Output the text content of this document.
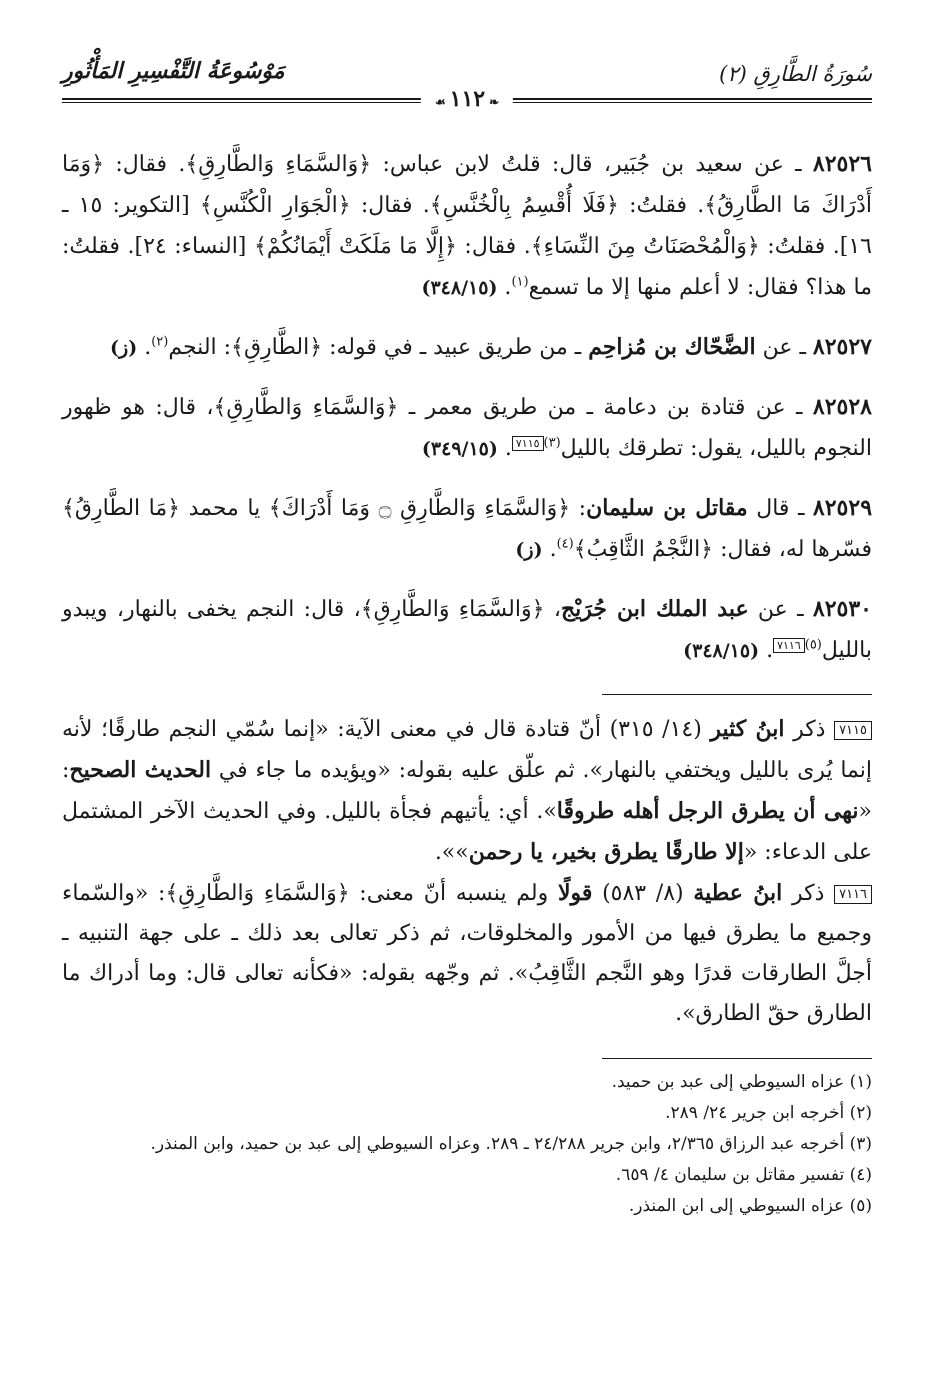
سُورَةُ الطَّارِقِ (٢)
❧١١٢☙
مَوْسُوعَةُ التَّفْسِيرِ المَأْثُورِ

٨٢٥٢٦ ـ عن سعيد بن جُبَير، قال: قلتُ لابن عباس: ﴿وَالسَّمَاءِ وَالطَّارِقِ﴾. فقال: ﴿وَمَا أَدْرَاكَ مَا الطَّارِقُ﴾. فقلتُ: ﴿فَلَا أُقْسِمُ بِالْخُنَّسِ﴾. فقال: ﴿الْجَوَارِ الْكُنَّسِ﴾ [التكوير: ١٥ ـ ١٦]. فقلتُ: ﴿وَالْمُحْصَنَاتُ مِنَ النِّسَاءِ﴾. فقال: ﴿إِلَّا مَا مَلَكَتْ أَيْمَانُكُمْ﴾ [النساء: ٢٤]. فقلتُ: ما هذا؟ فقال: لا أعلم منها إلا ما تسمع$^{(١)}$. (٣٤٨/١٥)

٨٢٥٢٧ ـ عن الضَّحّاك بن مُزاحِم ـ من طريق عبيد ـ في قوله: ﴿الطَّارِقِ﴾: النجم$^{(٢)}$. (ز)

٨٢٥٢٨ ـ عن قتادة بن دعامة ـ من طريق معمر ـ ﴿وَالسَّمَاءِ وَالطَّارِقِ﴾، قال: هو ظهور النجوم بالليل، يقول: تطرقك بالليل$^{(٣)}$٧١١٥. (٣٤٩/١٥)

٨٢٥٢٩ ـ قال مقاتل بن سليمان: ﴿وَالسَّمَاءِ وَالطَّارِقِ ۝ وَمَا أَدْرَاكَ﴾ يا محمد ﴿مَا الطَّارِقُ﴾ فسّرها له، فقال: ﴿النَّجْمُ الثَّاقِبُ﴾$^{(٤)}$. (ز)

٨٢٥٣٠ ـ عن عبد الملك ابن جُرَيْج، ﴿وَالسَّمَاءِ وَالطَّارِقِ﴾، قال: النجم يخفى بالنهار، ويبدو بالليل$^{(٥)}$٧١١٦. (٣٤٨/١٥)

٧١١٥ ذكر ابنُ كثير (١٤/ ٣١٥) أنّ قتادة قال في معنى الآية: «إنما سُمّي النجم طارقًا؛ لأنه إنما يُرى بالليل ويختفي بالنهار». ثم علّق عليه بقوله: «ويؤيده ما جاء في الحديث الصحيح: «نهى أن يطرق الرجل أهله طروقًا». أي: يأتيهم فجأة بالليل. وفي الحديث الآخر المشتمل على الدعاء: «إلا طارقًا يطرق بخير، يا رحمن»».

٧١١٦ ذكر ابنُ عطية (٨/ ٥٨٣) قولًا ولم ينسبه أنّ معنى: ﴿وَالسَّمَاءِ وَالطَّارِقِ﴾: «والسّماء وجميع ما يطرق فيها من الأمور والمخلوقات، ثم ذكر تعالى بعد ذلك ـ على جهة التنبيه ـ أجلَّ الطارقات قدرًا وهو النَّجم الثَّاقِبُ». ثم وجّهه بقوله: «فكأنه تعالى قال: وما أدراك ما الطارق حقّ الطارق».

(١) عزاه السيوطي إلى عبد بن حميد.

(٢) أخرجه ابن جرير ٢٤/ ٢٨٩.

(٣) أخرجه عبد الرزاق ٢/٣٦٥، وابن جرير ٢٤/٢٨٨ ـ ٢٨٩. وعزاه السيوطي إلى عبد بن حميد، وابن المنذر.

(٤) تفسير مقاتل بن سليمان ٤/ ٦٥٩.

(٥) عزاه السيوطي إلى ابن المنذر.
